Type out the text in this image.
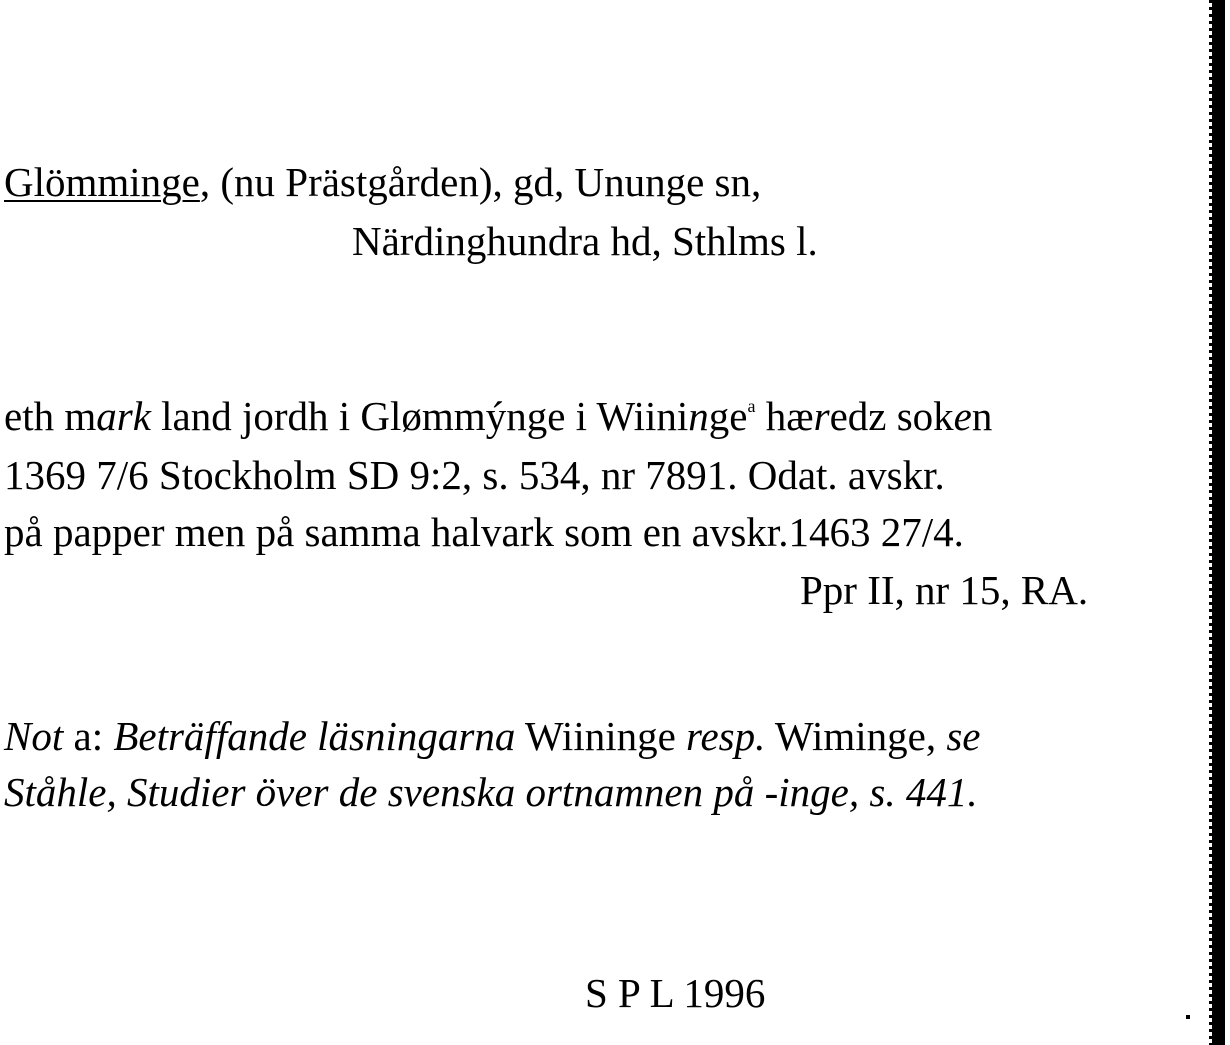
Glömminge, (nu Prästgården), gd, Ununge sn,
Närdinghundra hd, Sthlms l.
eth mark land jordh i Glømmýnge i Wiininge$^a$ hæredz soken
1369 7/6 Stockholm SD 9:2, s. 534, nr 7891. Odat. avskr.
på papper men på samma halvark som en avskr.1463 27/4.
Ppr II, nr 15, RA.
Not a: Beträffande läsningarna Wiininge resp. Wiminge, se
Ståhle, Studier över de svenska ortnamnen på -inge, s. 441.
S P L 1996
